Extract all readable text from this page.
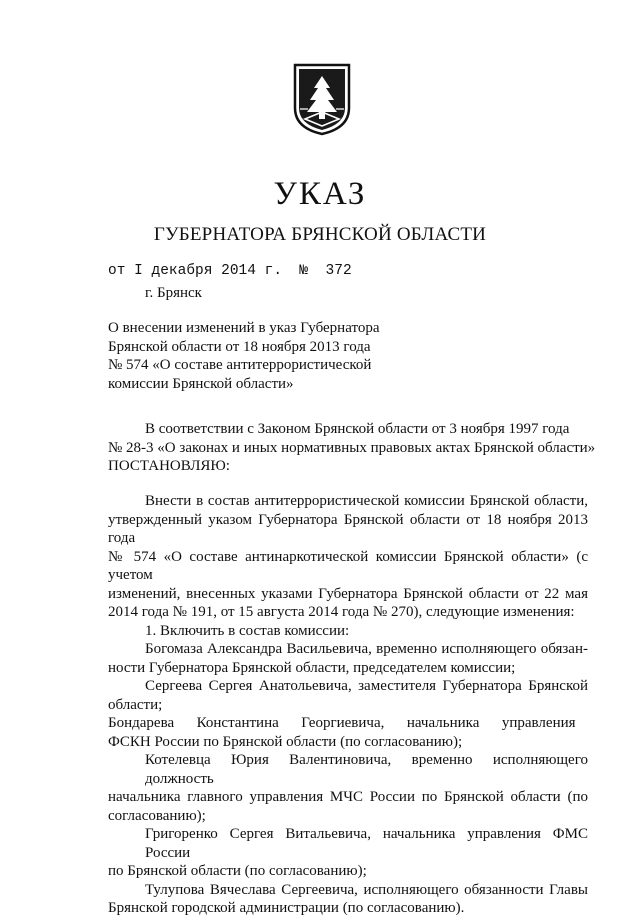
УКАЗ
ГУБЕРНАТОРА БРЯНСКОЙ ОБЛАСТИ
от I декабря 2014 г.  №  372
г. Брянск
О внесении изменений в указ Губернатора
Брянской области от 18 ноября 2013 года
№ 574 «О составе антитеррористической
комиссии Брянской области»
В соответствии с Законом Брянской области от 3 ноября 1997 года
№ 28-3 «О законах и иных нормативных правовых актах Брянской области»
ПОСТАНОВЛЯЮ:
Внести в состав антитеррористической комиссии Брянской области,
утвержденный указом Губернатора Брянской области от 18 ноября 2013 года
№ 574 «О составе антинаркотической комиссии Брянской области» (с учетом
изменений, внесенных указами Губернатора Брянской области от 22 мая
2014 года № 191, от 15 августа 2014 года № 270), следующие изменения:
1. Включить в состав комиссии:
Богомаза Александра Васильевича, временно исполняющего обязан-
ности Губернатора Брянской области, председателем комиссии;
Сергеева Сергея Анатольевича, заместителя Губернатора Брянской
области;
Бондарева      Константина      Георгиевича,      начальника      управления
ФСКН России по Брянской области (по согласованию);
Котелевца Юрия Валентиновича, временно исполняющего должность
начальника главного управления МЧС России по Брянской области (по
согласованию);
Григоренко Сергея Витальевича, начальника управления ФМС России
по Брянской области (по согласованию);
Тулупова Вячеслава Сергеевича, исполняющего обязанности Главы
Брянской городской администрации (по согласованию).
